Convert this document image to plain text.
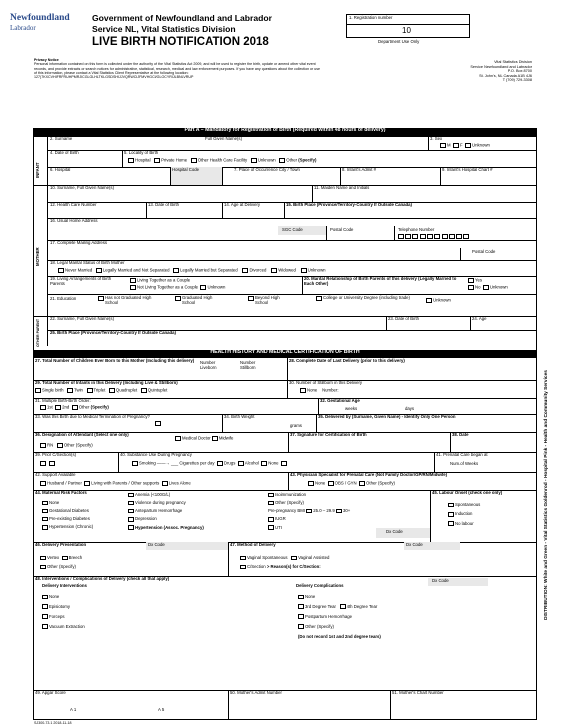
Newfoundland
Labrador
Government of Newfoundland and Labrador
Service NL, Vital Statistics Division
LIVE BIRTH NOTIFICATION 2018
1. Registration number
10
Department Use Only
Privacy Notice
Personal information contained on this form is collected under the authority of the Vital Statistics Act 2009, and will be used to register the birth, update or amend other vital event records, and provide extracts or search notices for administrative, statistical, research, medical and law enforcement purposes. If you have any questions about the collection or use of this information, please contact a Vital Statistics Client Representative at the following location:
127(7KXCVHIFRFRUHPMRJICGLGLHLTKLGSDSHIJJVQRWCIJFMVHGCI/GLOCYRIJLBNLVRUP
Vital Statistics Division
Service Newfoundland and Labrador
P.O. Box 8700
St. John's, NL Canada A1B 4J6
T (709) 729-3308
Part A – Mandatory for Registration of Birth (Required within 48 hours of delivery)
INFANT
MOTHER
OTHER PARENT
2. Surname	Full Given Name(s)	3. Sex
M F Unknown
4. Date of Birth	5. Locality of Birth
Hospital Private Home Other Health Care Facility Unknown Other (Specify)
6. Hospital	Hospital Code	7. Place of Occurrence City / Town	8. Infant's Admit #	9. Infant's Hospital Chart #
10. Surname, Full Given Name(s)	11. Maiden Name and Initials
12. Health Care Number	13. Date of Birth	14. Age at Delivery	15. Birth Place (Province/Territory-Country If Outside Canada)
16. Usual Home Address
SGC Code	Postal Code	Telephone Number

17. Complete Mailing Address
Postal Code
18. Legal Marital Status of Birth Mother
Never Married Legally Married and Not Separated Legally Married but Separated	Divorced	Widowed	Unknown
19. Living Arrangements of Birth Parents
Living Together as a Couple
Not Living Together as a Couple Unknown
20. Marital Relationship of Birth Parents of this delivery (Legally Married to Each Other)
Yes
No Unknown
21. Education	Has not Graduated High School
Graduated High School
Beyond High School
College or University Degree (including trade)	Unknown
22. Surname, Full Given Name(s)	23. Date of Birth	24. Age
25. Birth Place (Province/Territory-Country If Outside Canada)
HEALTH HISTORY AND MEDICAL CERTIFICATION OF BIRTH
27. Total Number of Children Ever Born to this Mother (Including this delivery)	Number
Liveborn
Number
Stillborn
28. Complete Date of Last Delivery (prior to this delivery)
29. Total Number of Infants in this Delivery (Including Live & Stillborn)
Single birth Twin Triplet Quadruplet Quintuplet
30. Number of Stillborn in this Delivery
None Number:
31. Multiple Birth-Birth Order:
1st 2nd Other (Specify)
32. Gestational Age
weeks	days
33. Was this Birth due to Medical Termination of Pregnancy?	34. Birth Weight
grams
35. Delivered by (Surname, Given Name) - Identify Only One Person
36. Designation of Attendant (Select one only)
Medical Doctor Midwife
RN Other (Specify)
37. Signature for Certification of Birth	38. Date
39. Prior C/Section(s)
	40. Substance Use During Pregnancy
Smoking ——→ ___ Cigarettes per day Drugs Alcohol None
41. Prenatal Care began at
Num.of Weeks
42. Support Available
Husband / Partner Living with Parents / Other supports Lives Alone
43. Physician Specialist for Prenatal Care (Not Family Doctor/GP/RN/Midwife)
None OBS / GYN Other (Specify)
44. Maternal Risk Factors
None
Gestational Diabetes
Pre-existing Diabetes
Hypertension (Chronic)
Anemia (<100G/L)
Violence during pregnancy
Antepartum Hemorrhage
Depression
Hypertension (Assoc. Pregnancy)
Isoimmunization
Other (Specify)
Pre-pregnancy BMI 25.0 – 29.9 30+
IUGR
UTI
Dx Code
45. Labour Onset (check one only)
Spontaneous
Induction
No labour
46. Delivery Presentation	Dx Code
Vertex Breech
Other (Specify)
47. Method of Delivery	Dx Code
Vaginal Spontaneous Vaginal Assisted
C/Section > Reason(s) for C/Section:
48. Interventions / Complications of Delivery (check all that apply)	Dx Code
Delivery Interventions
None
Episiotomy
Forceps
Vacuum Extraction
Delivery Complications
None
3rd Degree Tear 4th Degree Tear
Postpartum Hemorrhage
Other (Specify)
(Do not record 1st and 2nd degree tears)
49. Apgar Score
A 1	A 5
50. Mother's Admit Number	51. Mother's Chart Number
DISTRIBUTION: White and Green - Vital Statistics Goldenrod - Hospital Pink - Health and Community Services
SJ300-73.1 2018-11-18
